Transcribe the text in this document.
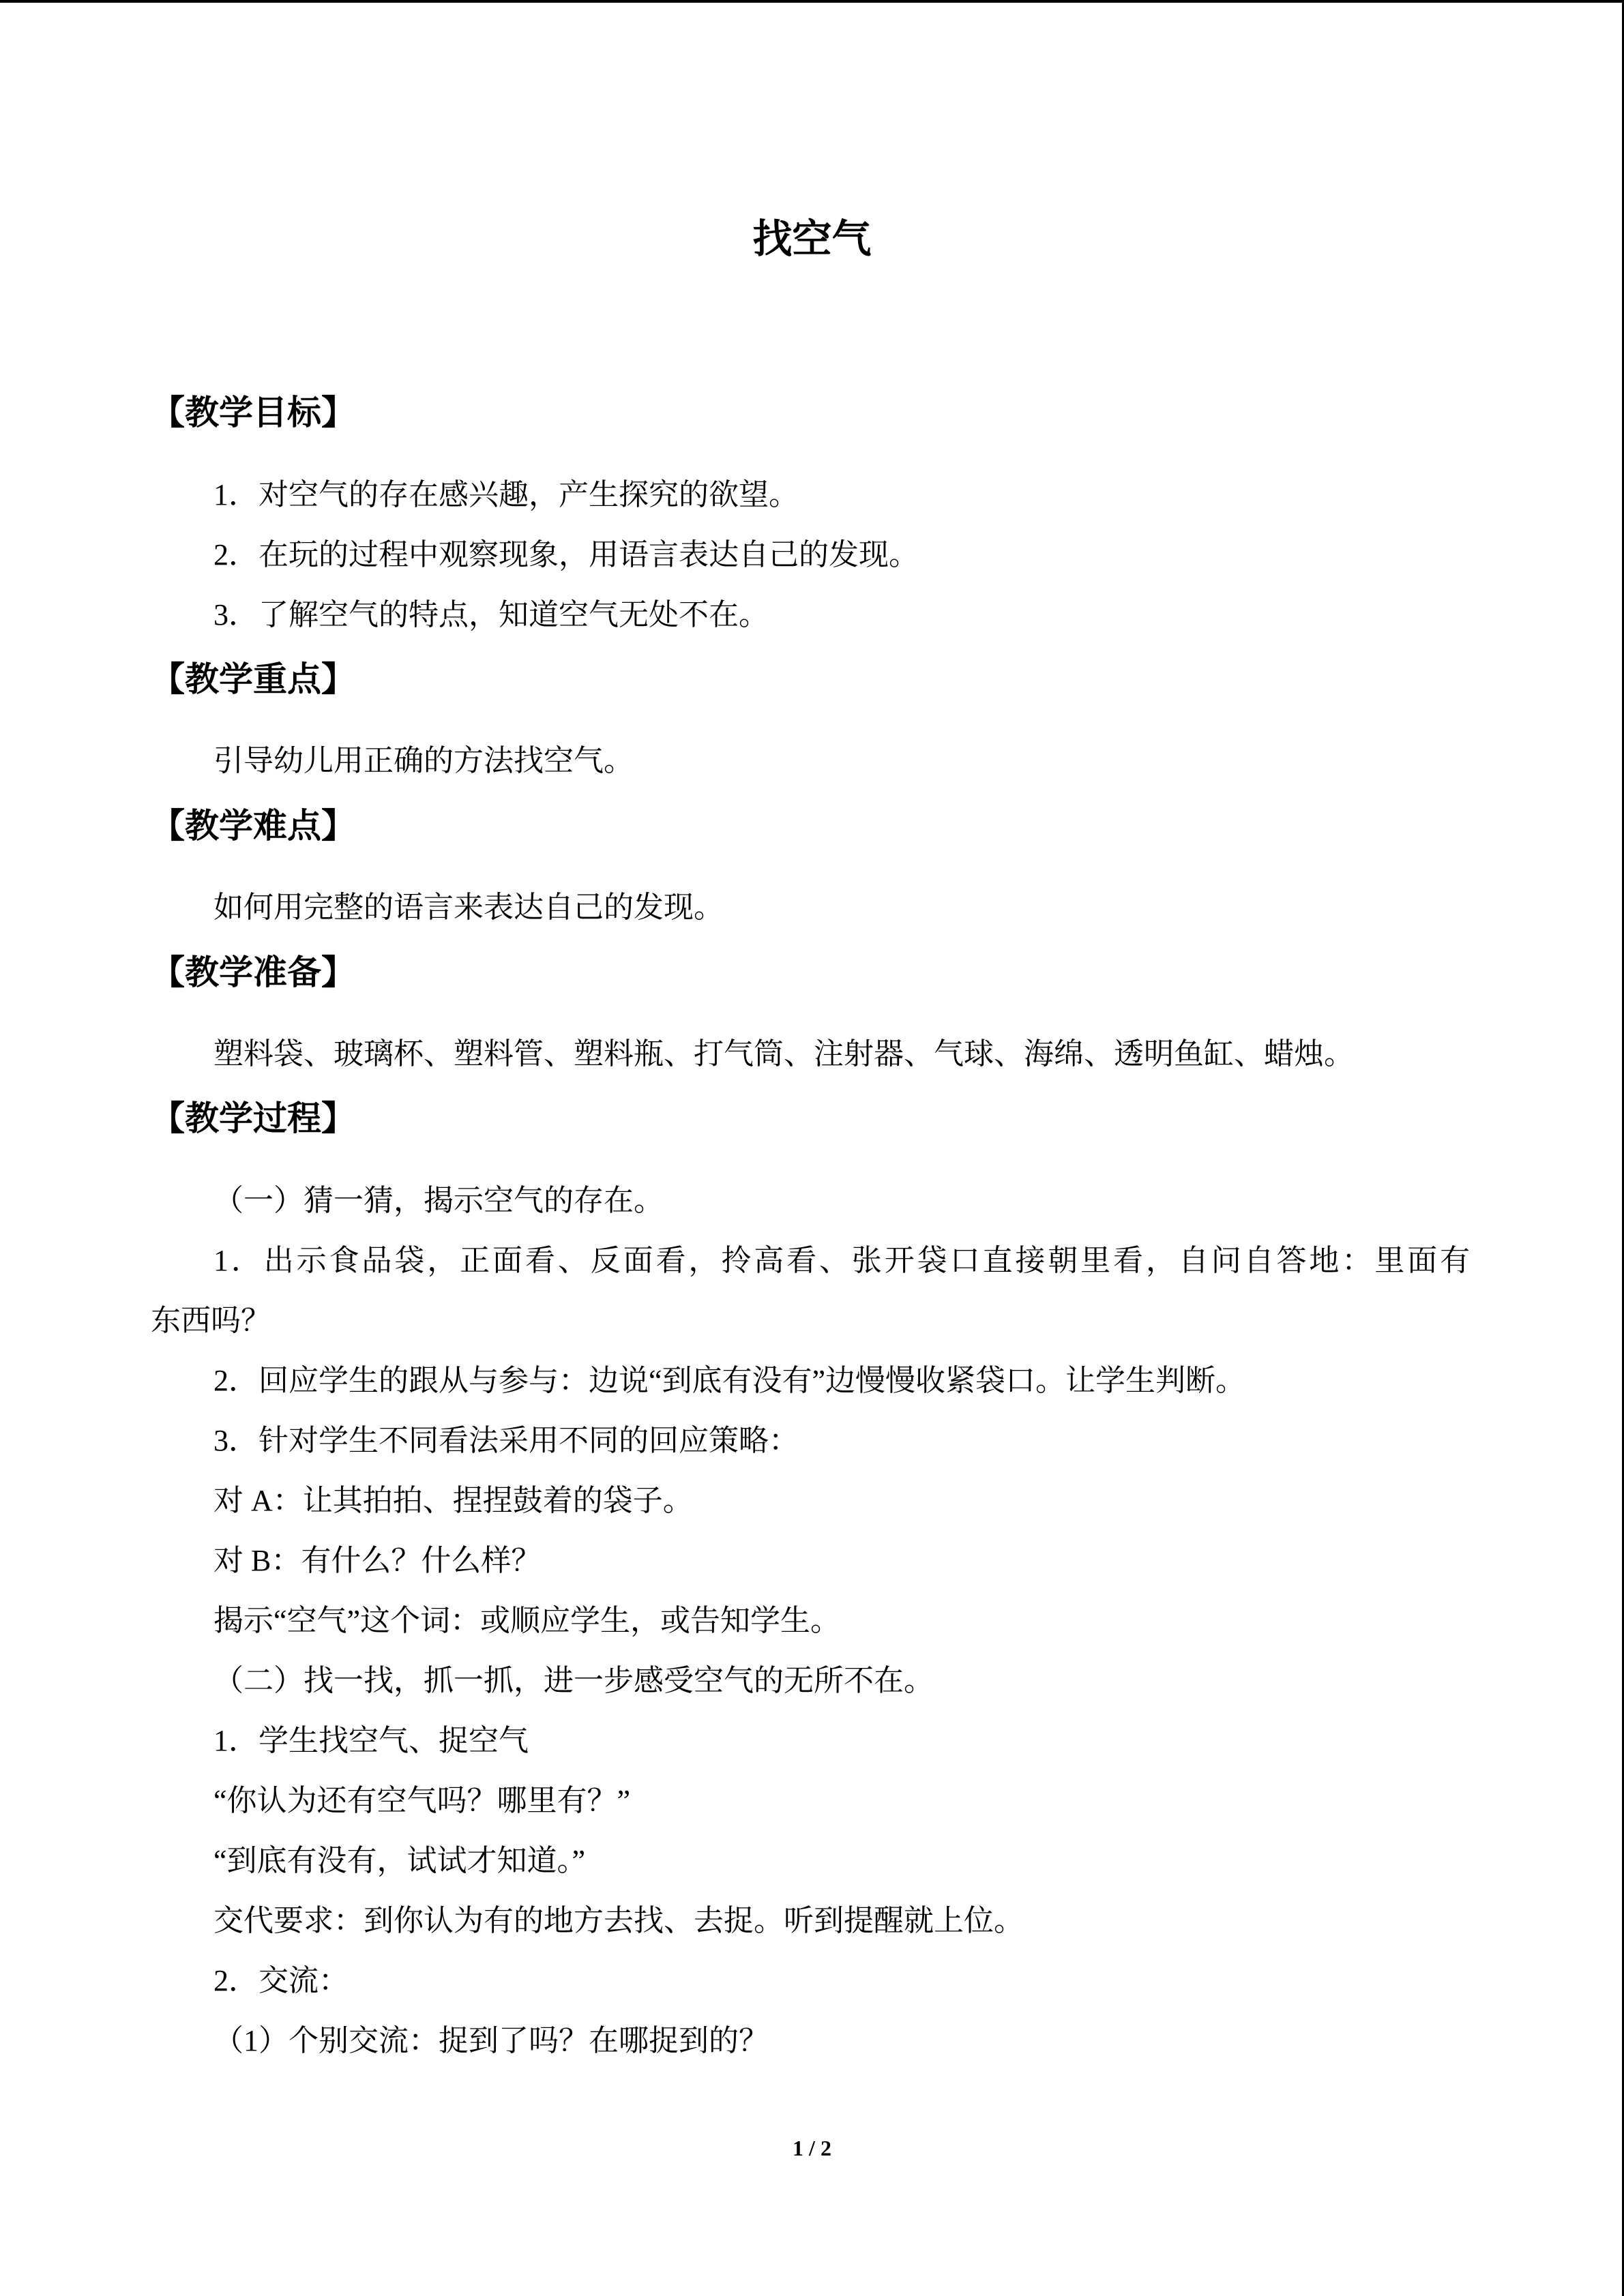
找空气
【教学目标】
1．对空气的存在感兴趣，产生探究的欲望。
2．在玩的过程中观察现象，用语言表达自己的发现。
3．了解空气的特点，知道空气无处不在。
【教学重点】
引导幼儿用正确的方法找空气。
【教学难点】
如何用完整的语言来表达自己的发现。
【教学准备】
塑料袋、玻璃杯、塑料管、塑料瓶、打气筒、注射器、气球、海绵、透明鱼缸、蜡烛。
【教学过程】
（一）猜一猜，揭示空气的存在。
1．出示食品袋，正面看、反面看，拎高看、张开袋口直接朝里看，自问自答地：里面有
东西吗？
2．回应学生的跟从与参与：边说“到底有没有”边慢慢收紧袋口。让学生判断。
3．针对学生不同看法采用不同的回应策略：
对 A：让其拍拍、捏捏鼓着的袋子。
对 B：有什么？什么样？
揭示“空气”这个词：或顺应学生，或告知学生。
（二）找一找，抓一抓，进一步感受空气的无所不在。
1．学生找空气、捉空气
“你认为还有空气吗？哪里有？”
“到底有没有，试试才知道。”
交代要求：到你认为有的地方去找、去捉。听到提醒就上位。
2．交流：
（1）个别交流：捉到了吗？在哪捉到的？
1 / 2
